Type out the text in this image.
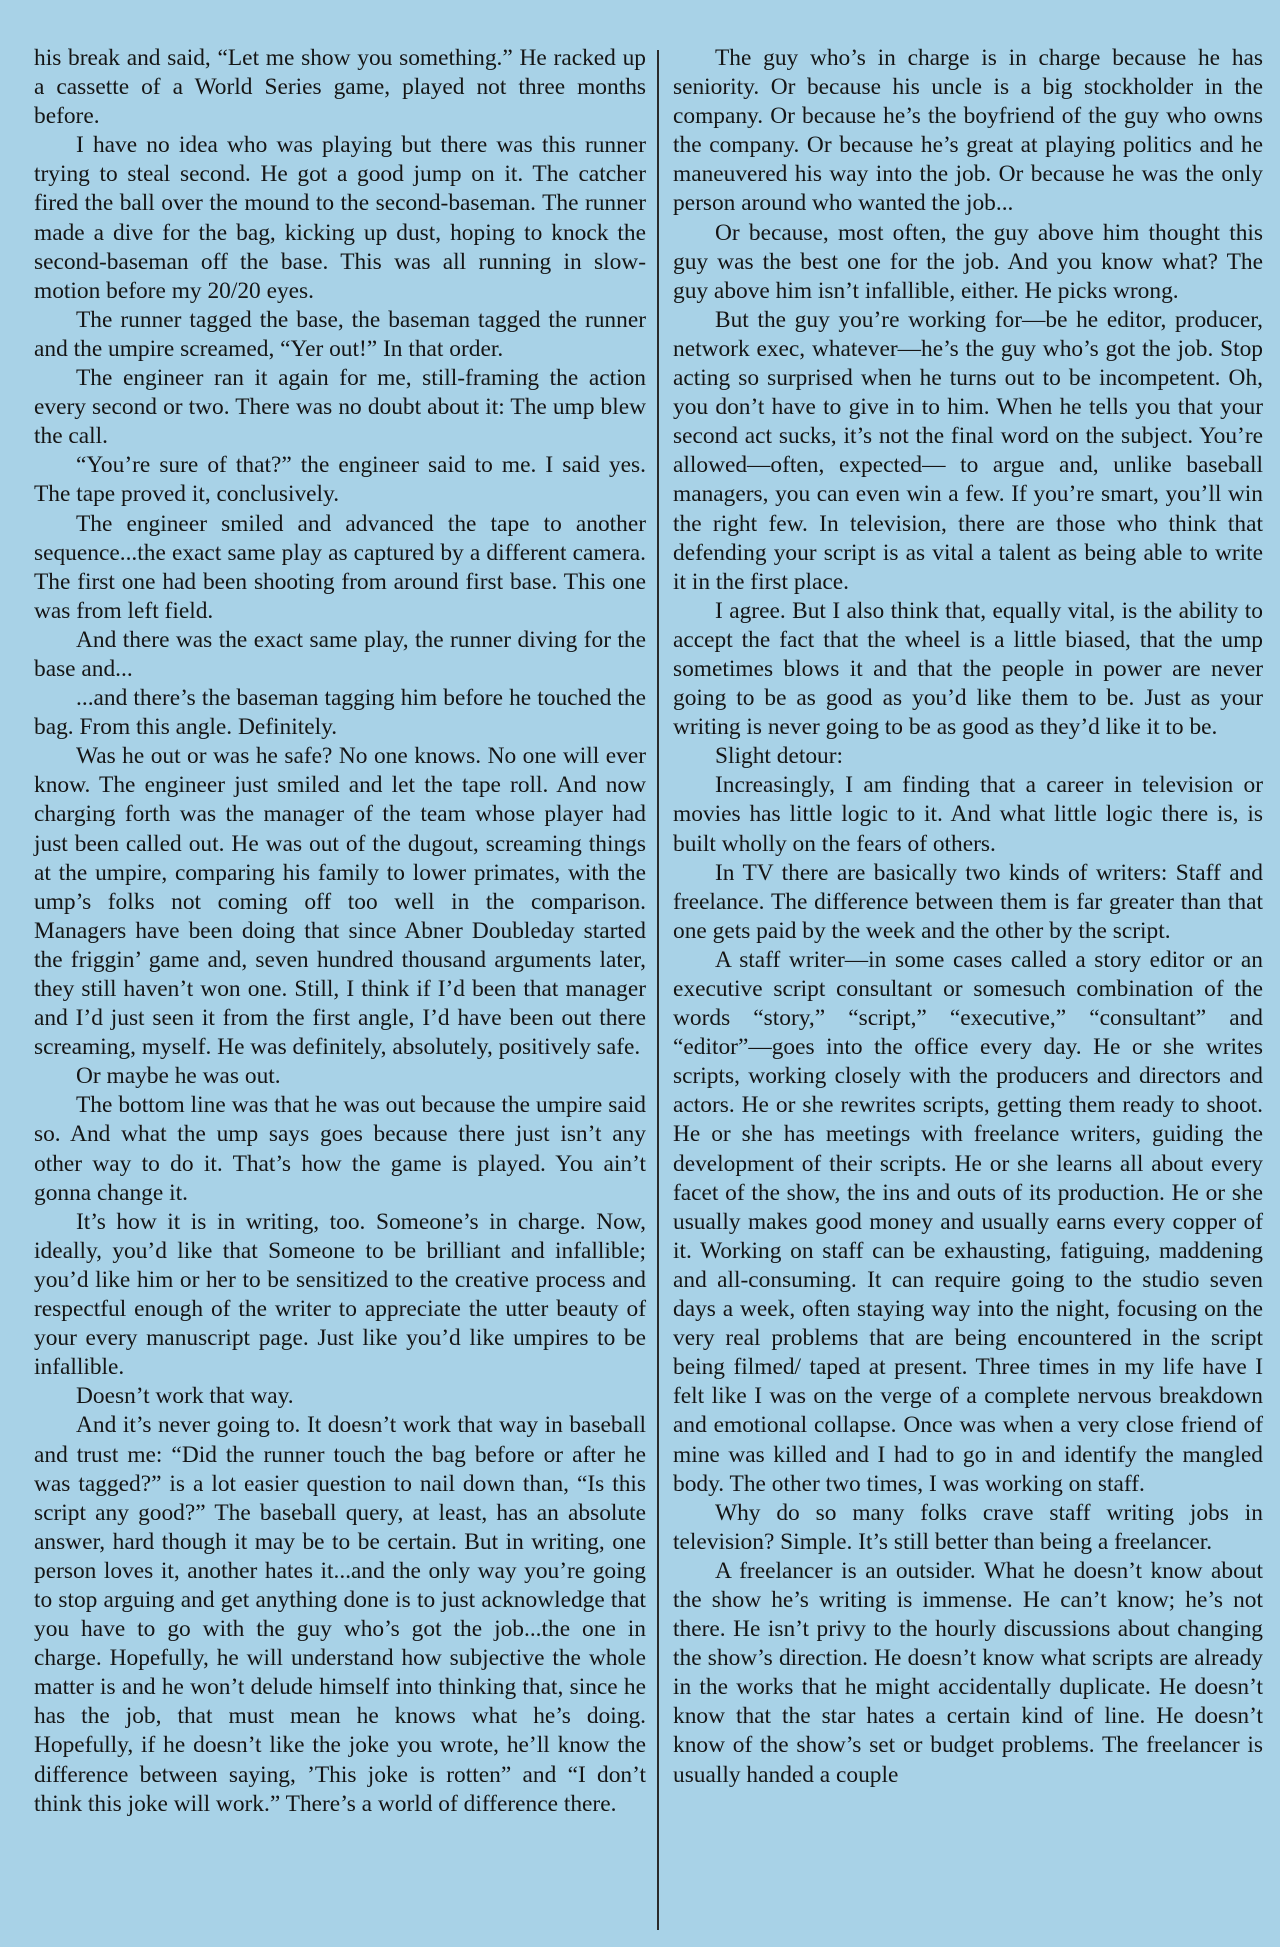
his break and said, “Let me show you something.” He racked up a cassette of a World Series game, played not three months before.

I have no idea who was playing but there was this runner trying to steal second. He got a good jump on it. The catcher fired the ball over the mound to the second-baseman. The runner made a dive for the bag, kicking up dust, hoping to knock the second-baseman off the base. This was all running in slow-motion before my 20/20 eyes.

The runner tagged the base, the baseman tagged the runner and the umpire screamed, “Yer out!” In that order.

The engineer ran it again for me, still-framing the action every second or two. There was no doubt about it: The ump blew the call.

“You’re sure of that?” the engineer said to me. I said yes. The tape proved it, conclusively.

The engineer smiled and advanced the tape to another sequence...the exact same play as captured by a different camera. The first one had been shooting from around first base. This one was from left field.

And there was the exact same play, the runner diving for the base and...

...and there’s the baseman tagging him before he touched the bag. From this angle. Definitely.

Was he out or was he safe? No one knows. No one will ever know. The engineer just smiled and let the tape roll. And now charging forth was the manager of the team whose player had just been called out. He was out of the dugout, screaming things at the umpire, comparing his family to lower primates, with the ump’s folks not coming off too well in the comparison. Managers have been doing that since Abner Doubleday started the friggin’ game and, seven hundred thousand arguments later, they still haven’t won one. Still, I think if I’d been that manager and I’d just seen it from the first angle, I’d have been out there screaming, myself. He was definitely, absolutely, positively safe.

Or maybe he was out.

The bottom line was that he was out because the umpire said so. And what the ump says goes because there just isn’t any other way to do it. That’s how the game is played. You ain’t gonna change it.

It’s how it is in writing, too. Someone’s in charge. Now, ideally, you’d like that Someone to be brilliant and infallible; you’d like him or her to be sensitized to the creative process and respectful enough of the writer to appreciate the utter beauty of your every manuscript page. Just like you’d like umpires to be infallible.

Doesn’t work that way.

And it’s never going to. It doesn’t work that way in baseball and trust me: “Did the runner touch the bag before or after he was tagged?” is a lot easier question to nail down than, “Is this script any good?” The baseball query, at least, has an absolute answer, hard though it may be to be certain. But in writing, one person loves it, another hates it...and the only way you’re going to stop arguing and get anything done is to just acknowledge that you have to go with the guy who’s got the job...the one in charge. Hopefully, he will understand how subjective the whole matter is and he won’t delude himself into thinking that, since he has the job, that must mean he knows what he’s doing. Hopefully, if he doesn’t like the joke you wrote, he’ll know the difference between saying, ’This joke is rotten” and “I don’t think this joke will work.” There’s a world of difference there.

The guy who’s in charge is in charge because he has seniority. Or because his uncle is a big stockholder in the company. Or because he’s the boyfriend of the guy who owns the company. Or because he’s great at playing politics and he maneuvered his way into the job. Or because he was the only person around who wanted the job...

Or because, most often, the guy above him thought this guy was the best one for the job. And you know what? The guy above him isn’t infallible, either. He picks wrong.

But the guy you’re working for—be he editor, producer, network exec, whatever—he’s the guy who’s got the job. Stop acting so surprised when he turns out to be incompetent. Oh, you don’t have to give in to him. When he tells you that your second act sucks, it’s not the final word on the subject. You’re allowed—often, expected— to argue and, unlike baseball managers, you can even win a few. If you’re smart, you’ll win the right few. In television, there are those who think that defending your script is as vital a talent as being able to write it in the first place.

I agree. But I also think that, equally vital, is the ability to accept the fact that the wheel is a little biased, that the ump sometimes blows it and that the people in power are never going to be as good as you’d like them to be. Just as your writing is never going to be as good as they’d like it to be.

Slight detour:

Increasingly, I am finding that a career in television or movies has little logic to it. And what little logic there is, is built wholly on the fears of others.

In TV there are basically two kinds of writers: Staff and freelance. The difference between them is far greater than that one gets paid by the week and the other by the script.

A staff writer—in some cases called a story editor or an executive script consultant or somesuch combination of the words “story,” “script,” “executive,” “consultant” and “editor”—goes into the office every day. He or she writes scripts, working closely with the producers and directors and actors. He or she rewrites scripts, getting them ready to shoot. He or she has meetings with freelance writers, guiding the development of their scripts. He or she learns all about every facet of the show, the ins and outs of its production. He or she usually makes good money and usually earns every copper of it. Working on staff can be exhausting, fatiguing, maddening and all-consuming. It can require going to the studio seven days a week, often staying way into the night, focusing on the very real problems that are being encountered in the script being filmed/ taped at present. Three times in my life have I felt like I was on the verge of a complete nervous breakdown and emotional collapse. Once was when a very close friend of mine was killed and I had to go in and identify the mangled body. The other two times, I was working on staff.

Why do so many folks crave staff writing jobs in television? Simple. It’s still better than being a freelancer.

A freelancer is an outsider. What he doesn’t know about the show he’s writing is immense. He can’t know; he’s not there. He isn’t privy to the hourly discussions about changing the show’s direction. He doesn’t know what scripts are already in the works that he might accidentally duplicate. He doesn’t know that the star hates a certain kind of line. He doesn’t know of the show’s set or budget problems. The freelancer is usually handed a couple
